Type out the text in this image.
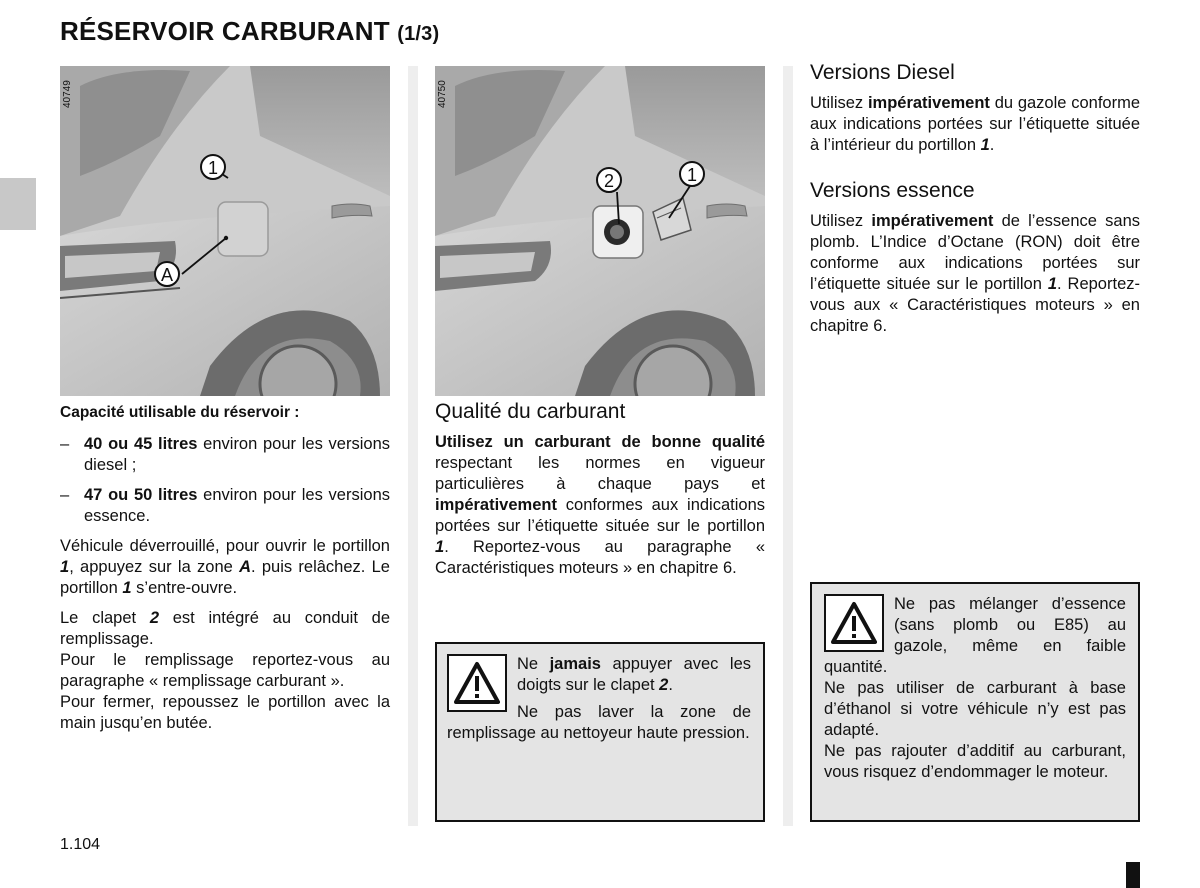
RÉSERVOIR CARBURANT (1/3)
1
A
40749
2	1
40750

Capacité utilisable du réservoir :

– 40 ou 45 litres environ pour les versions diesel ;
– 47 ou 50 litres environ pour les versions essence.

Véhicule déverrouillé, pour ouvrir le portillon 1, appuyez sur la zone A. puis relâchez. Le portillon 1 s’entre-ouvre.

Le clapet 2 est intégré au conduit de remplissage.

Pour le remplissage reportez-vous au paragraphe « remplissage carburant ».

Pour fermer, repoussez le portillon avec la main jusqu’en butée.

Qualité du carburant

Utilisez un carburant de bonne qualité respectant les normes en vigueur particulières à chaque pays et impérativement conformes aux indications portées sur l’étiquette située sur le portillon 1. Reportez-vous au paragraphe « Caractéristiques moteurs » en chapitre 6.

Ne jamais appuyer avec les doigts sur le clapet 2.

Ne pas laver la zone de remplissage au nettoyeur haute pression.

Versions Diesel

Utilisez impérativement du gazole conforme aux indications portées sur l’étiquette située à l’intérieur du portillon 1.

Versions essence

Utilisez impérativement de l’essence sans plomb. L’Indice d’Octane (RON) doit être conforme aux indications portées sur l’étiquette située sur le portillon 1. Reportez-vous aux « Caractéristiques moteurs » en chapitre 6.

Ne pas mélanger d’essence (sans plomb ou E85) au gazole, même en faible quantité.

Ne pas utiliser de carburant à base d’éthanol si votre véhicule n’y est pas adapté.

Ne pas rajouter d’additif au carburant, vous risquez d’endommager le moteur.

1.104
